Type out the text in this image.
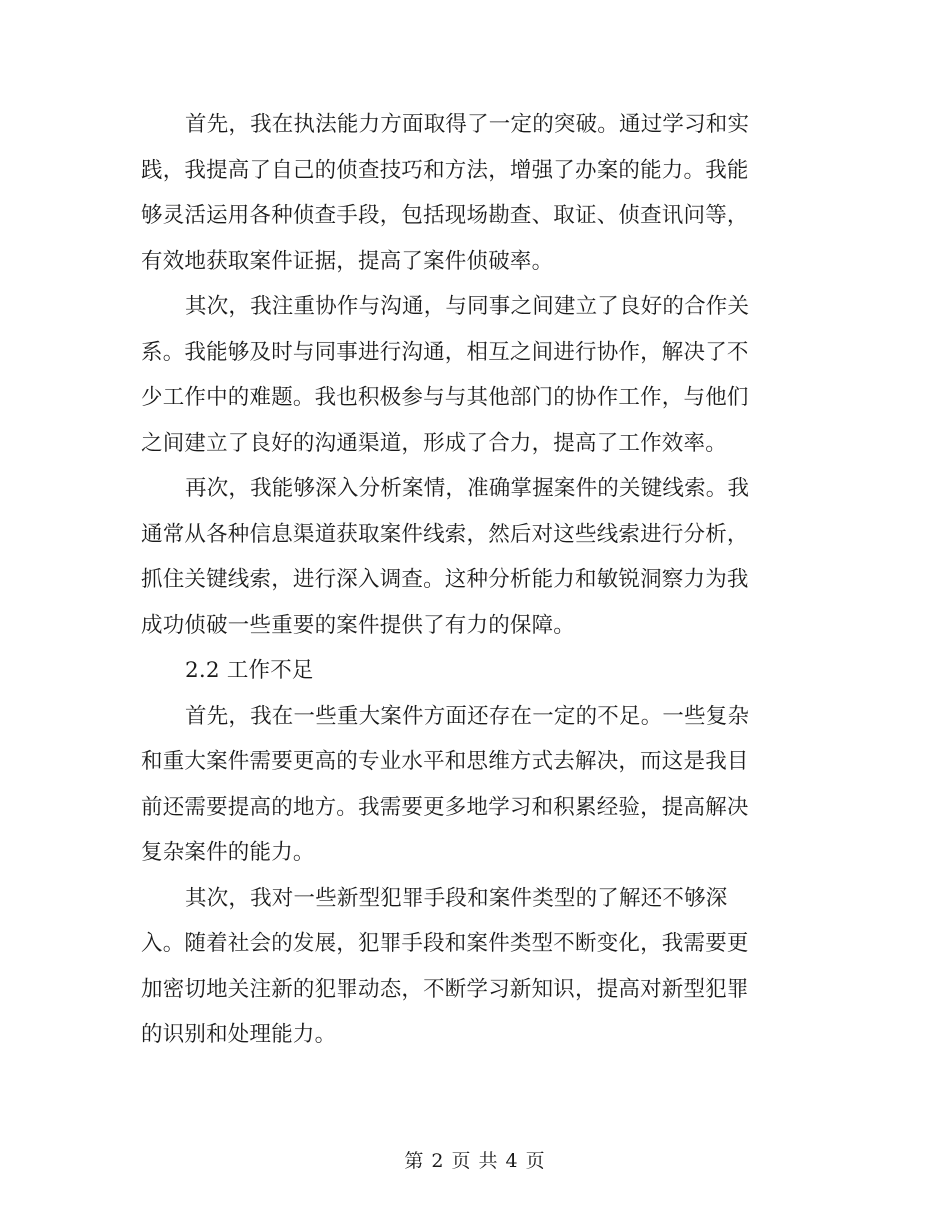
首先，我在执法能力方面取得了一定的突破。通过学习和实
践，我提高了自己的侦查技巧和方法，增强了办案的能力。我能
够灵活运用各种侦查手段，包括现场勘查、取证、侦查讯问等，
有效地获取案件证据，提高了案件侦破率。
其次，我注重协作与沟通，与同事之间建立了良好的合作关
系。我能够及时与同事进行沟通，相互之间进行协作，解决了不
少工作中的难题。我也积极参与与其他部门的协作工作，与他们
之间建立了良好的沟通渠道，形成了合力，提高了工作效率。
再次，我能够深入分析案情，准确掌握案件的关键线索。我
通常从各种信息渠道获取案件线索，然后对这些线索进行分析，
抓住关键线索，进行深入调查。这种分析能力和敏锐洞察力为我
成功侦破一些重要的案件提供了有力的保障。
2.2 工作不足
首先，我在一些重大案件方面还存在一定的不足。一些复杂
和重大案件需要更高的专业水平和思维方式去解决，而这是我目
前还需要提高的地方。我需要更多地学习和积累经验，提高解决
复杂案件的能力。
其次，我对一些新型犯罪手段和案件类型的了解还不够深
入。随着社会的发展，犯罪手段和案件类型不断变化，我需要更
加密切地关注新的犯罪动态，不断学习新知识，提高对新型犯罪
的识别和处理能力。
第 2 页 共 4 页
